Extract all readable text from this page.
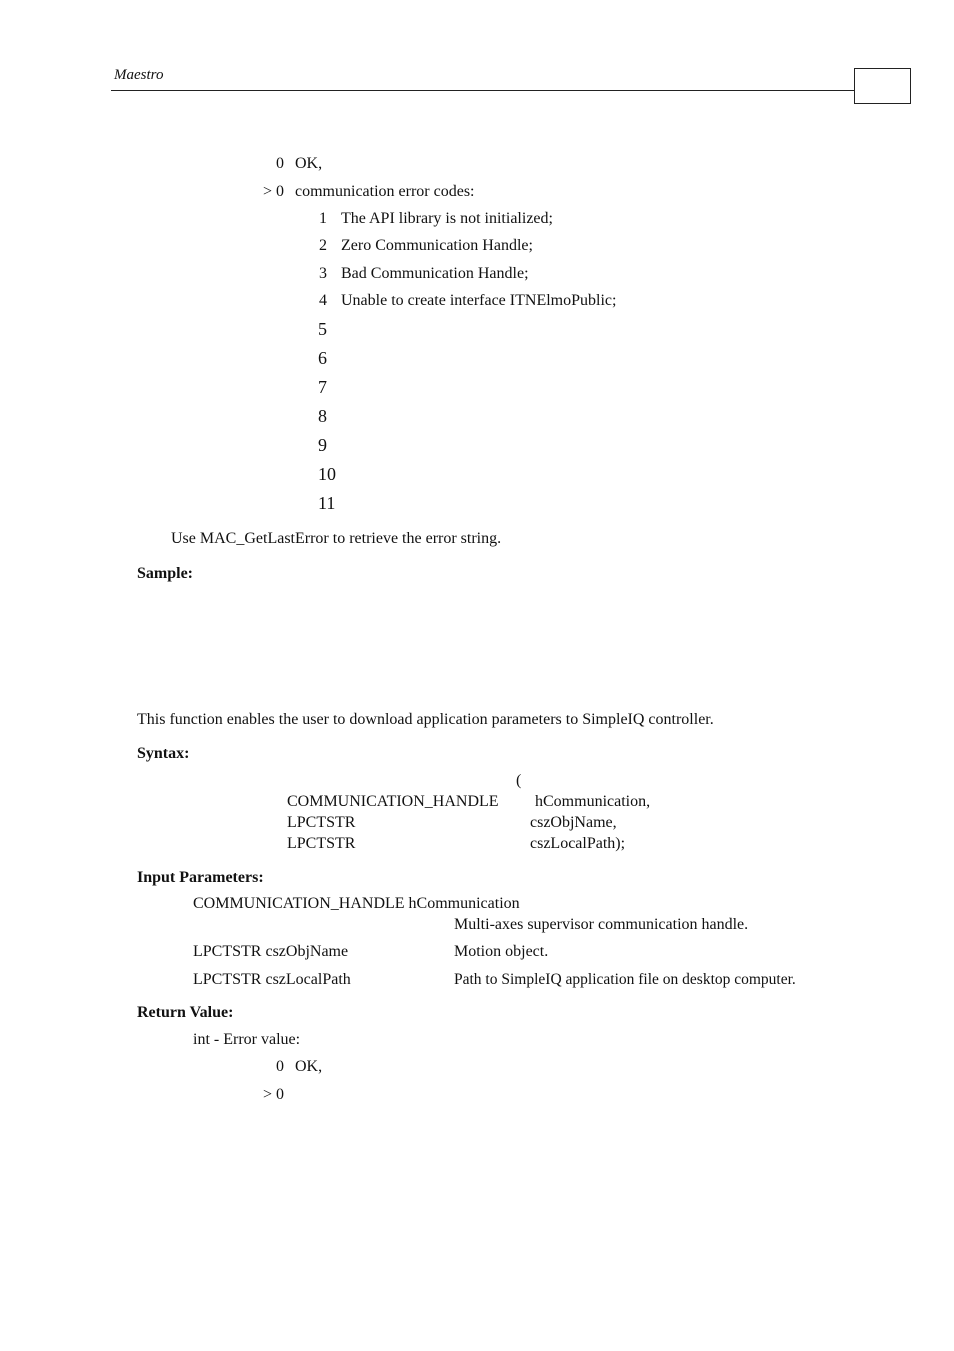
Maestro
0 OK,
> 0 communication error codes:
1 The API library is not initialized;
2 Zero Communication Handle;
3 Bad Communication Handle;
4 Unable to create interface ITNElmoPublic;
5
6
7
8
9
10
11
Use MAC_GetLastError to retrieve the error string.
Sample:
This function enables the user to download application parameters to SimpleIQ controller.
Syntax:
(
COMMUNICATION_HANDLE hCommunication,
LPCTSTR	cszObjName,
LPCTSTR	cszLocalPath);
Input Parameters:
COMMUNICATION_HANDLE hCommunication
Multi-axes supervisor communication handle.
LPCTSTR cszObjName	Motion object.
LPCTSTR cszLocalPath	Path to SimpleIQ application file on desktop computer.
Return Value:
int - Error value:
0 OK,
> 0
